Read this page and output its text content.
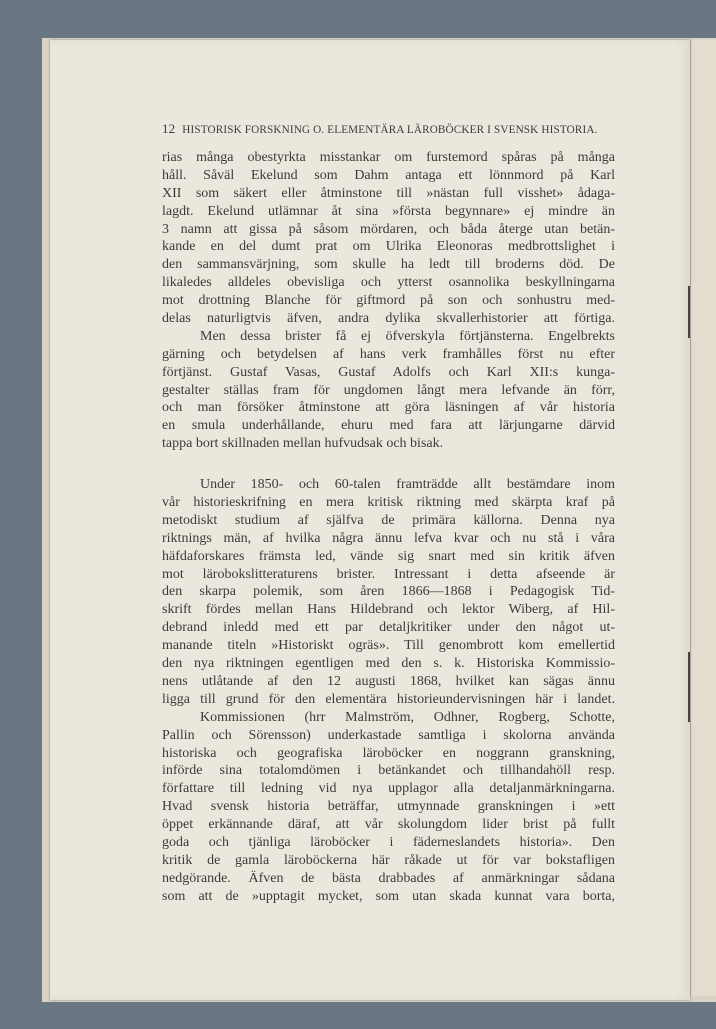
12 HISTORISK FORSKNING O. ELEMENTÄRA LÄROBÖCKER I SVENSK HISTORIA.
rias många obestyrkta misstankar om furstemord spåras på många
håll. Såväl Ekelund som Dahm antaga ett lönnmord på Karl
XII som säkert eller åtminstone till »nästan full visshet» ådaga-
lagdt. Ekelund utlämnar åt sina »första begynnare» ej mindre än
3 namn att gissa på såsom mördaren, och båda återge utan betän-
kande en del dumt prat om Ulrika Eleonoras medbrottslighet i
den sammansvärjning, som skulle ha ledt till broderns död. De
likaledes alldeles obevisliga och ytterst osannolika beskyllningarna
mot drottning Blanche för giftmord på son och sonhustru med-
delas naturligtvis äfven, andra dylika skvallerhistorier att förtiga.
Men dessa brister få ej öfverskyla förtjänsterna. Engelbrekts
gärning och betydelsen af hans verk framhålles först nu efter
förtjänst. Gustaf Vasas, Gustaf Adolfs och Karl XII:s kunga-
gestalter ställas fram för ungdomen långt mera lefvande än förr,
och man försöker åtminstone att göra läsningen af vår historia
en smula underhållande, ehuru med fara att lärjungarne därvid
tappa bort skillnaden mellan hufvudsak och bisak.
Under 1850- och 60-talen framträdde allt bestämdare inom
vår historieskrifning en mera kritisk riktning med skärpta kraf på
metodiskt studium af själfva de primära källorna. Denna nya
riktnings män, af hvilka några ännu lefva kvar och nu stå i våra
häfdaforskares främsta led, vände sig snart med sin kritik äfven
mot lärobokslitteraturens brister. Intressant i detta afseende är
den skarpa polemik, som åren 1866—1868 i Pedagogisk Tid-
skrift fördes mellan Hans Hildebrand och lektor Wiberg, af Hil-
debrand inledd med ett par detaljkritiker under den något ut-
manande titeln »Historiskt ogräs». Till genombrott kom emellertid
den nya riktningen egentligen med den s. k. Historiska Kommissio-
nens utlåtande af den 12 augusti 1868, hvilket kan sägas ännu
ligga till grund för den elementära historieundervisningen här i landet.
Kommissionen (hrr Malmström, Odhner, Rogberg, Schotte,
Pallin och Sörensson) underkastade samtliga i skolorna använda
historiska och geografiska läroböcker en noggrann granskning,
införde sina totalomdömen i betänkandet och tillhandahöll resp.
författare till ledning vid nya upplagor alla detaljanmärkningarna.
Hvad svensk historia beträffar, utmynnade granskningen i »ett
öppet erkännande däraf, att vår skolungdom lider brist på fullt
goda och tjänliga läroböcker i fäderneslandets historia». Den
kritik de gamla läroböckerna här råkade ut för var bokstafligen
nedgörande. Äfven de bästa drabbades af anmärkningar sådana
som att de »upptagit mycket, som utan skada kunnat vara borta,
